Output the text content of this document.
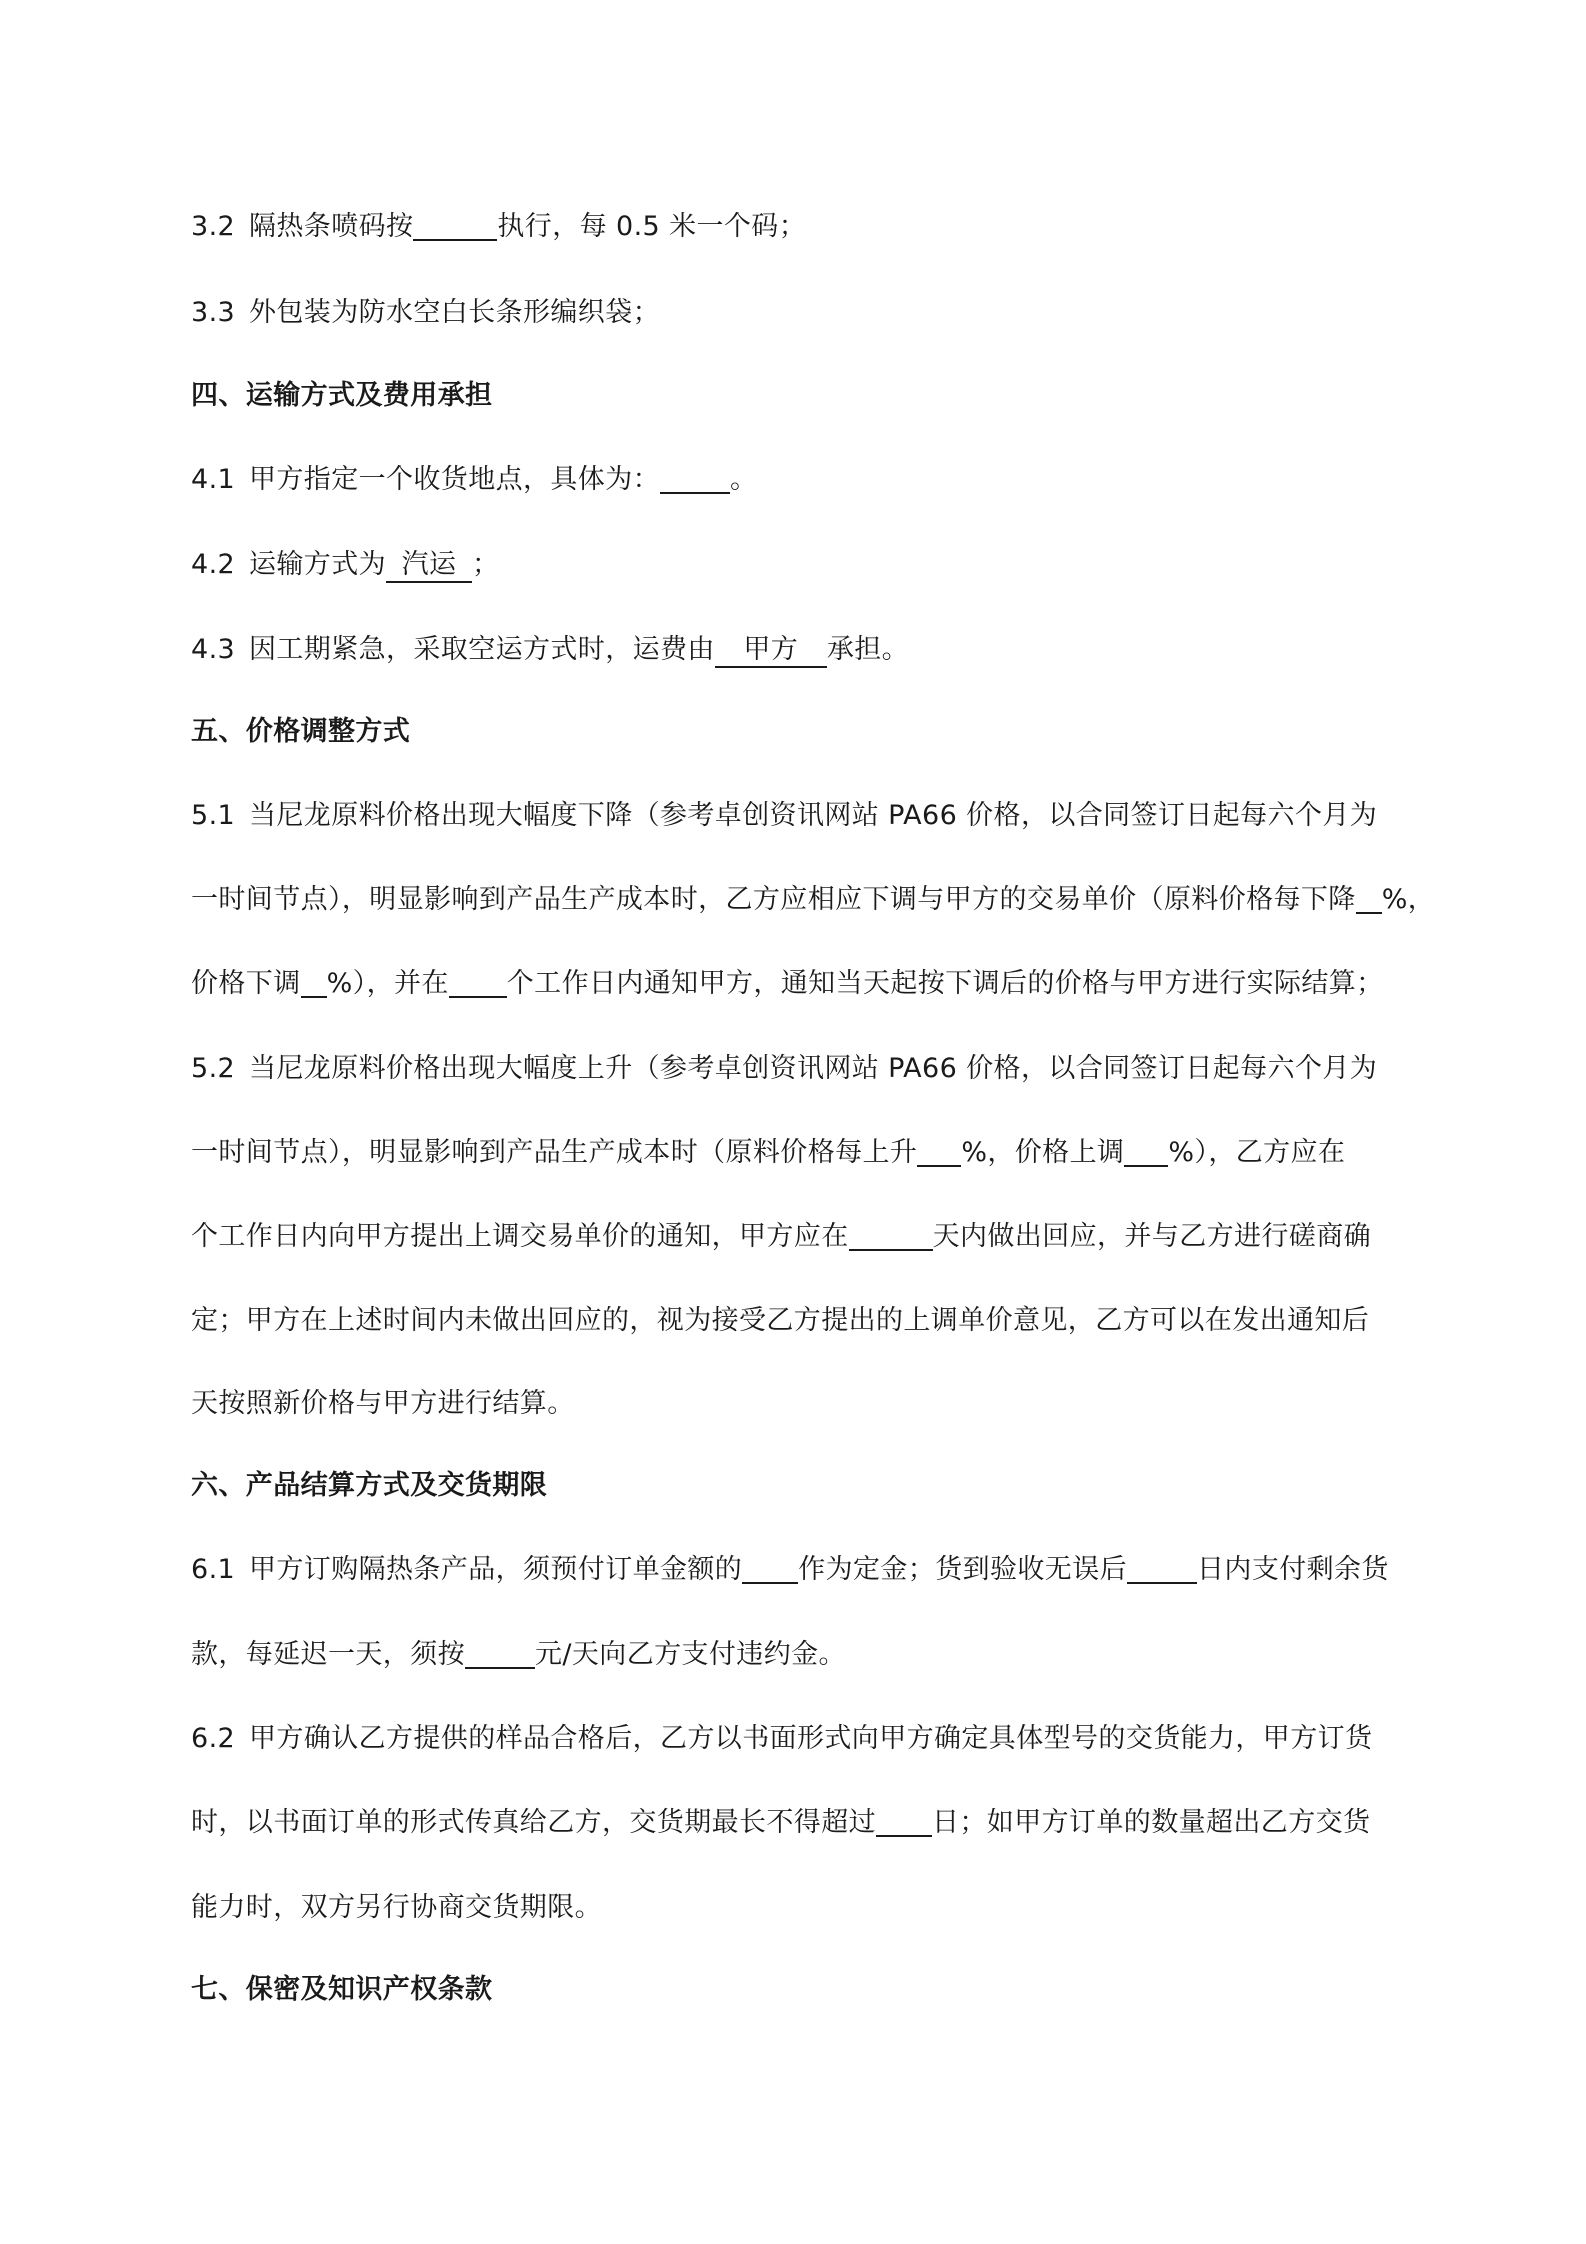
3.2 隔热条喷码按	执行，每 0.5 米一个码；
3.3 外包装为防水空白长条形编织袋；
四、运输方式及费用承担
4.1 甲方指定一个收货地点，具体为：	。
4.2 运输方式为 汽运 ；
4.3 因工期紧急，采取空运方式时，运费由 甲方 承担。
五、价格调整方式
5.1 当尼龙原料价格出现大幅度下降（参考卓创资讯网站 PA66 价格，以合同签订日起每六个月为
一时间节点），明显影响到产品生产成本时，乙方应相应下调与甲方的交易单价（原料价格每下降 %，
价格下调 %），并在 个工作日内通知甲方，通知当天起按下调后的价格与甲方进行实际结算；
5.2 当尼龙原料价格出现大幅度上升（参考卓创资讯网站 PA66 价格，以合同签订日起每六个月为
一时间节点），明显影响到产品生产成本时（原料价格每上升 %，价格上调 %），乙方应在
个工作日内向甲方提出上调交易单价的通知，甲方应在	天内做出回应，并与乙方进行磋商确
定；甲方在上述时间内未做出回应的，视为接受乙方提出的上调单价意见，乙方可以在发出通知后
天按照新价格与甲方进行结算。
六、产品结算方式及交货期限
6.1 甲方订购隔热条产品，须预付订单金额的 作为定金；货到验收无误后	日内支付剩余货
款，每延迟一天，须按	元/天向乙方支付违约金。
6.2 甲方确认乙方提供的样品合格后，乙方以书面形式向甲方确定具体型号的交货能力，甲方订货
时，以书面订单的形式传真给乙方，交货期最长不得超过 日；如甲方订单的数量超出乙方交货
能力时，双方另行协商交货期限。
七、保密及知识产权条款
